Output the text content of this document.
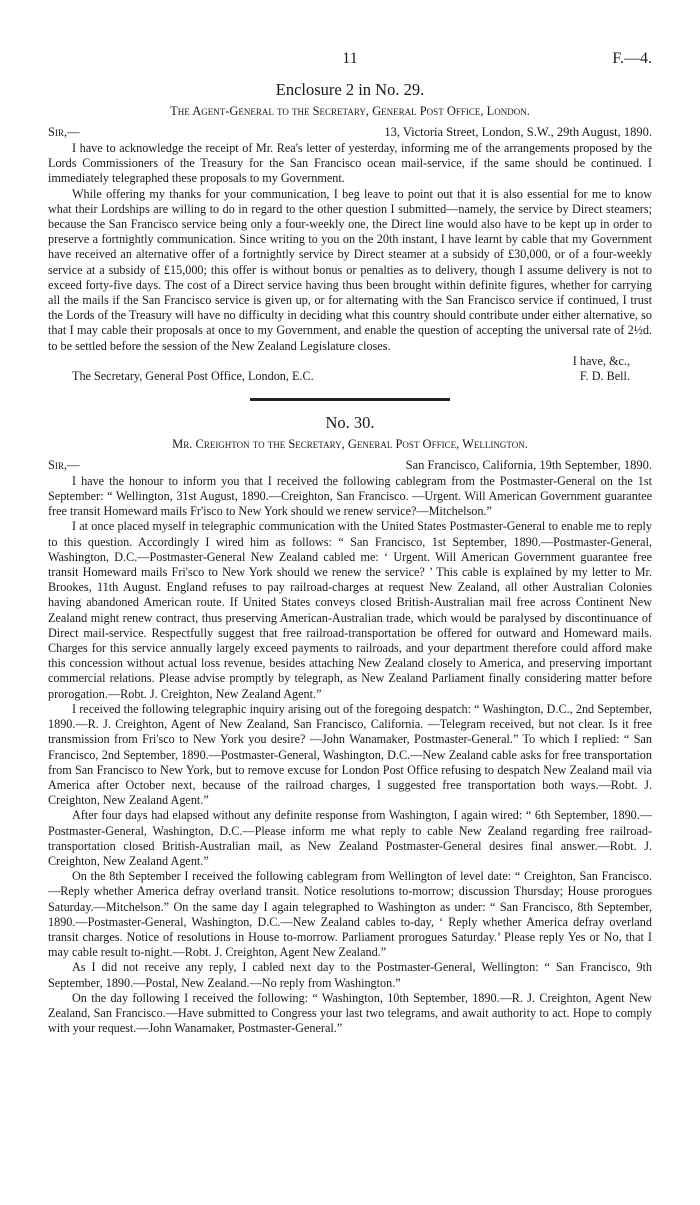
11	F.—4.
Enclosure 2 in No. 29.
The Agent-General to the Secretary, General Post Office, London.
Sir,—	13, Victoria Street, London, S.W., 29th August, 1890.

I have to acknowledge the receipt of Mr. Rea's letter of yesterday, informing me of the arrangements proposed by the Lords Commissioners of the Treasury for the San Francisco ocean mail-service, if the same should be continued. I immediately telegraphed these proposals to my Government.

While offering my thanks for your communication, I beg leave to point out that it is also essential for me to know what their Lordships are willing to do in regard to the other question I submitted—namely, the service by Direct steamers; because the San Francisco service being only a four-weekly one, the Direct line would also have to be kept up in order to preserve a fortnightly communication. Since writing to you on the 20th instant, I have learnt by cable that my Government have received an alternative offer of a fortnightly service by Direct steamer at a subsidy of £30,000, or of a four-weekly service at a subsidy of £15,000; this offer is without bonus or penalties as to delivery, though I assume delivery is not to exceed forty-five days. The cost of a Direct service having thus been brought within definite figures, whether for carrying all the mails if the San Francisco service is given up, or for alternating with the San Francisco service if continued, I trust the Lords of the Treasury will have no difficulty in deciding what this country should contribute under either alternative, so that I may cable their proposals at once to my Government, and enable the question of accepting the universal rate of 2½d. to be settled before the session of the New Zealand Legislature closes.

I have, &c.,
The Secretary, General Post Office, London, E.C.	F. D. Bell.
No. 30.
Mr. Creighton to the Secretary, General Post Office, Wellington.
Sir,—	San Francisco, California, 19th September, 1890.

I have the honour to inform you that I received the following cablegram from the Postmaster-General on the 1st September: “ Wellington, 31st August, 1890.—Creighton, San Francisco. —Urgent. Will American Government guarantee free transit Homeward mails Fr'isco to New York should we renew service?—Mitchelson.”

I at once placed myself in telegraphic communication with the United States Postmaster-General to enable me to reply to this question. Accordingly I wired him as follows: “ San Francisco, 1st September, 1890.—Postmaster-General, Washington, D.C.—Postmaster-General New Zealand cabled me: ‘ Urgent. Will American Government guarantee free transit Homeward mails Fri'sco to New York should we renew the service? ’ This cable is explained by my letter to Mr. Brookes, 11th August. England refuses to pay railroad-charges at request New Zealand, all other Australian Colonies having abandoned American route. If United States conveys closed British-Australian mail free across Continent New Zealand might renew contract, thus preserving American-Australian trade, which would be paralysed by discontinuance of Direct mail-service. Respectfully suggest that free railroad-transportation be offered for outward and Homeward mails. Charges for this service annually largely exceed payments to railroads, and your department therefore could afford make this concession without actual loss revenue, besides attaching New Zealand closely to America, and preserving important commercial relations. Please advise promptly by telegraph, as New Zealand Parliament finally considering matter before prorogation.—Robt. J. Creighton, New Zealand Agent.”

I received the following telegraphic inquiry arising out of the foregoing despatch: “ Washington, D.C., 2nd September, 1890.—R. J. Creighton, Agent of New Zealand, San Francisco, California. —Telegram received, but not clear. Is it free transmission from Fri'sco to New York you desire? —John Wanamaker, Postmaster-General.” To which I replied: “ San Francisco, 2nd September, 1890.—Postmaster-General, Washington, D.C.—New Zealand cable asks for free transportation from San Francisco to New York, but to remove excuse for London Post Office refusing to despatch New Zealand mail via America after October next, because of the railroad charges, I suggested free transportation both ways.—Robt. J. Creighton, New Zealand Agent.”

After four days had elapsed without any definite response from Washington, I again wired: “ 6th September, 1890.—Postmaster-General, Washington, D.C.—Please inform me what reply to cable New Zealand regarding free railroad-transportation closed British-Australian mail, as New Zealand Postmaster-General desires final answer.—Robt. J. Creighton, New Zealand Agent.”

On the 8th September I received the following cablegram from Wellington of level date: “ Creighton, San Francisco.—Reply whether America defray overland transit. Notice resolutions to-morrow; discussion Thursday; House prorogues Saturday.—Mitchelson.” On the same day I again telegraphed to Washington as under: “ San Francisco, 8th September, 1890.—Postmaster-General, Washington, D.C.—New Zealand cables to-day, ‘ Reply whether America defray overland transit charges. Notice of resolutions in House to-morrow. Parliament prorogues Saturday.’ Please reply Yes or No, that I may cable result to-night.—Robt. J. Creighton, Agent New Zealand.”

As I did not receive any reply, I cabled next day to the Postmaster-General, Wellington: “ San Francisco, 9th September, 1890.—Postal, New Zealand.—No reply from Washington.”

On the day following I received the following: “ Washington, 10th September, 1890.—R. J. Creighton, Agent New Zealand, San Francisco.—Have submitted to Congress your last two telegrams, and await authority to act. Hope to comply with your request.—John Wanamaker, Postmaster-General.”
